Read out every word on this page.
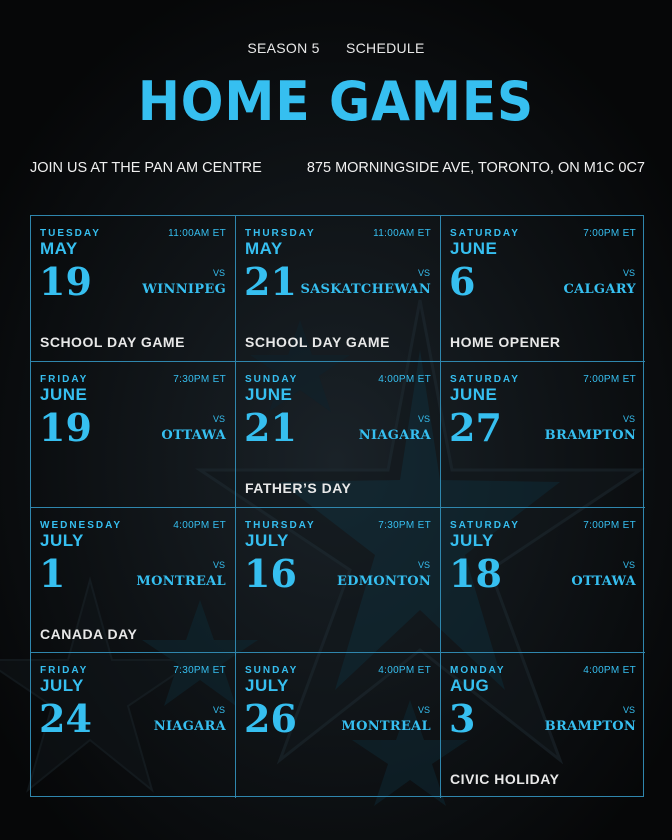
SEASON 5 SCHEDULE
HOME GAMES
JOIN US AT THE PAN AM CENTRE	875 MORNINGSIDE AVE, TORONTO, ON M1C 0C7
TUESDAY	11:00AM ET
MAY
19	VS
WINNIPEG
SCHOOL DAY GAME
THURSDAY	11:00AM ET
MAY
21	VS
SASKATCHEWAN
SCHOOL DAY GAME
SATURDAY	7:00PM ET
JUNE
6	VS
CALGARY
HOME OPENER
FRIDAY	7:30PM ET
JUNE
19	VS
OTTAWA
SUNDAY	4:00PM ET
JUNE
21	VS
NIAGARA
FATHER’S DAY
SATURDAY	7:00PM ET
JUNE
27	VS
BRAMPTON
WEDNESDAY	4:00PM ET
JULY
1	VS
MONTREAL
CANADA DAY
THURSDAY	7:30PM ET
JULY
16	VS
EDMONTON
SATURDAY	7:00PM ET
JULY
18	VS
OTTAWA
FRIDAY	7:30PM ET
JULY
24	VS
NIAGARA
SUNDAY	4:00PM ET
JULY
26	VS
MONTREAL
MONDAY	4:00PM ET
AUG
3	VS
BRAMPTON
CIVIC HOLIDAY
